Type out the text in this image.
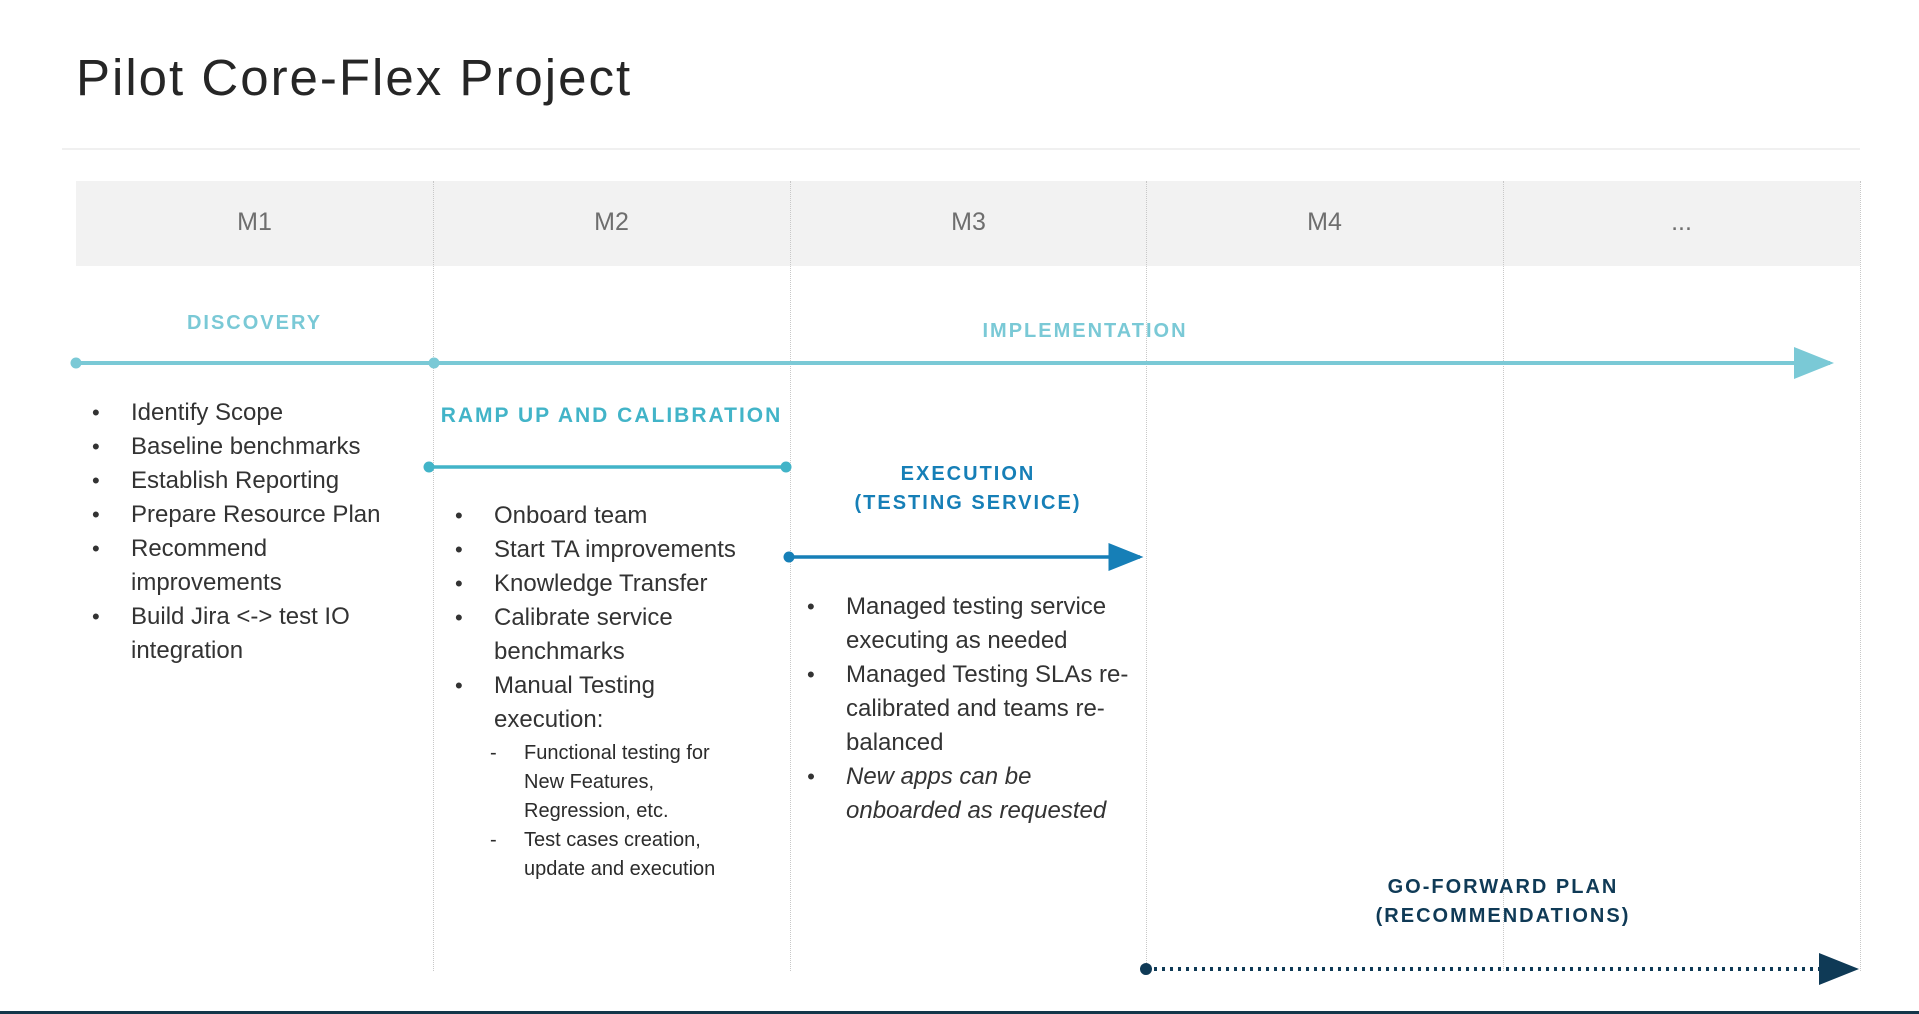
Pilot Core-Flex Project
M1	M2	M3	M4	...
DISCOVERY	IMPLEMENTATION
RAMP UP AND CALIBRATION
EXECUTION
(TESTING SERVICE)
GO-FORWARD PLAN
(RECOMMENDATIONS)
• Identify Scope
• Baseline benchmarks
• Establish Reporting
• Prepare Resource Plan
• Recommend improvements
• Build Jira <-> test IO integration
• Onboard team
• Start TA improvements
• Knowledge Transfer
• Calibrate service benchmarks
• Manual Testing execution:
- Functional testing for New Features, Regression, etc.
- Test cases creation, update and execution
• Managed testing service executing as needed
• Managed Testing SLAs re-calibrated and teams re-balanced
• New apps can be onboarded as requested
